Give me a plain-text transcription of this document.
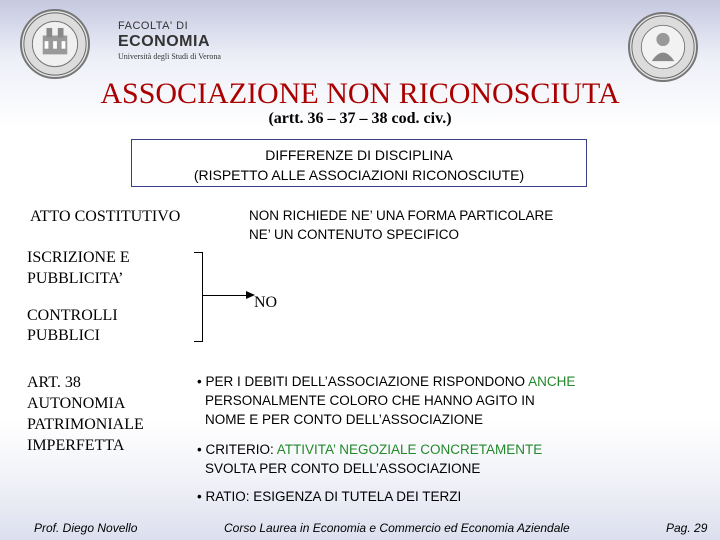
FACOLTA' DI
ECONOMIA
Università degli Studi di Verona
ASSOCIAZIONE NON RICONOSCIUTA
(artt. 36 – 37 – 38 cod. civ.)
DIFFERENZE DI DISCIPLINA
(RISPETTO ALLE ASSOCIAZIONI RICONOSCIUTE)
ATTO COSTITUTIVO	NON RICHIEDE NE’ UNA FORMA PARTICOLARE
NE’ UN CONTENUTO SPECIFICO
ISCRIZIONE E
PUBBLICITA’
CONTROLLI
PUBBLICI
NO
ART. 38
AUTONOMIA
PATRIMONIALE
IMPERFETTA
• PER I DEBITI DELL’ASSOCIAZIONE RISPONDONO ANCHE
PERSONALMENTE COLORO CHE HANNO AGITO IN
NOME E PER CONTO DELL’ASSOCIAZIONE
• CRITERIO: ATTIVITA’ NEGOZIALE CONCRETAMENTE
SVOLTA PER CONTO DELL’ASSOCIAZIONE
• RATIO: ESIGENZA DI TUTELA DEI TERZI
Prof. Diego Novello	Corso Laurea in Economia e Commercio ed Economia Aziendale	Pag. 29
